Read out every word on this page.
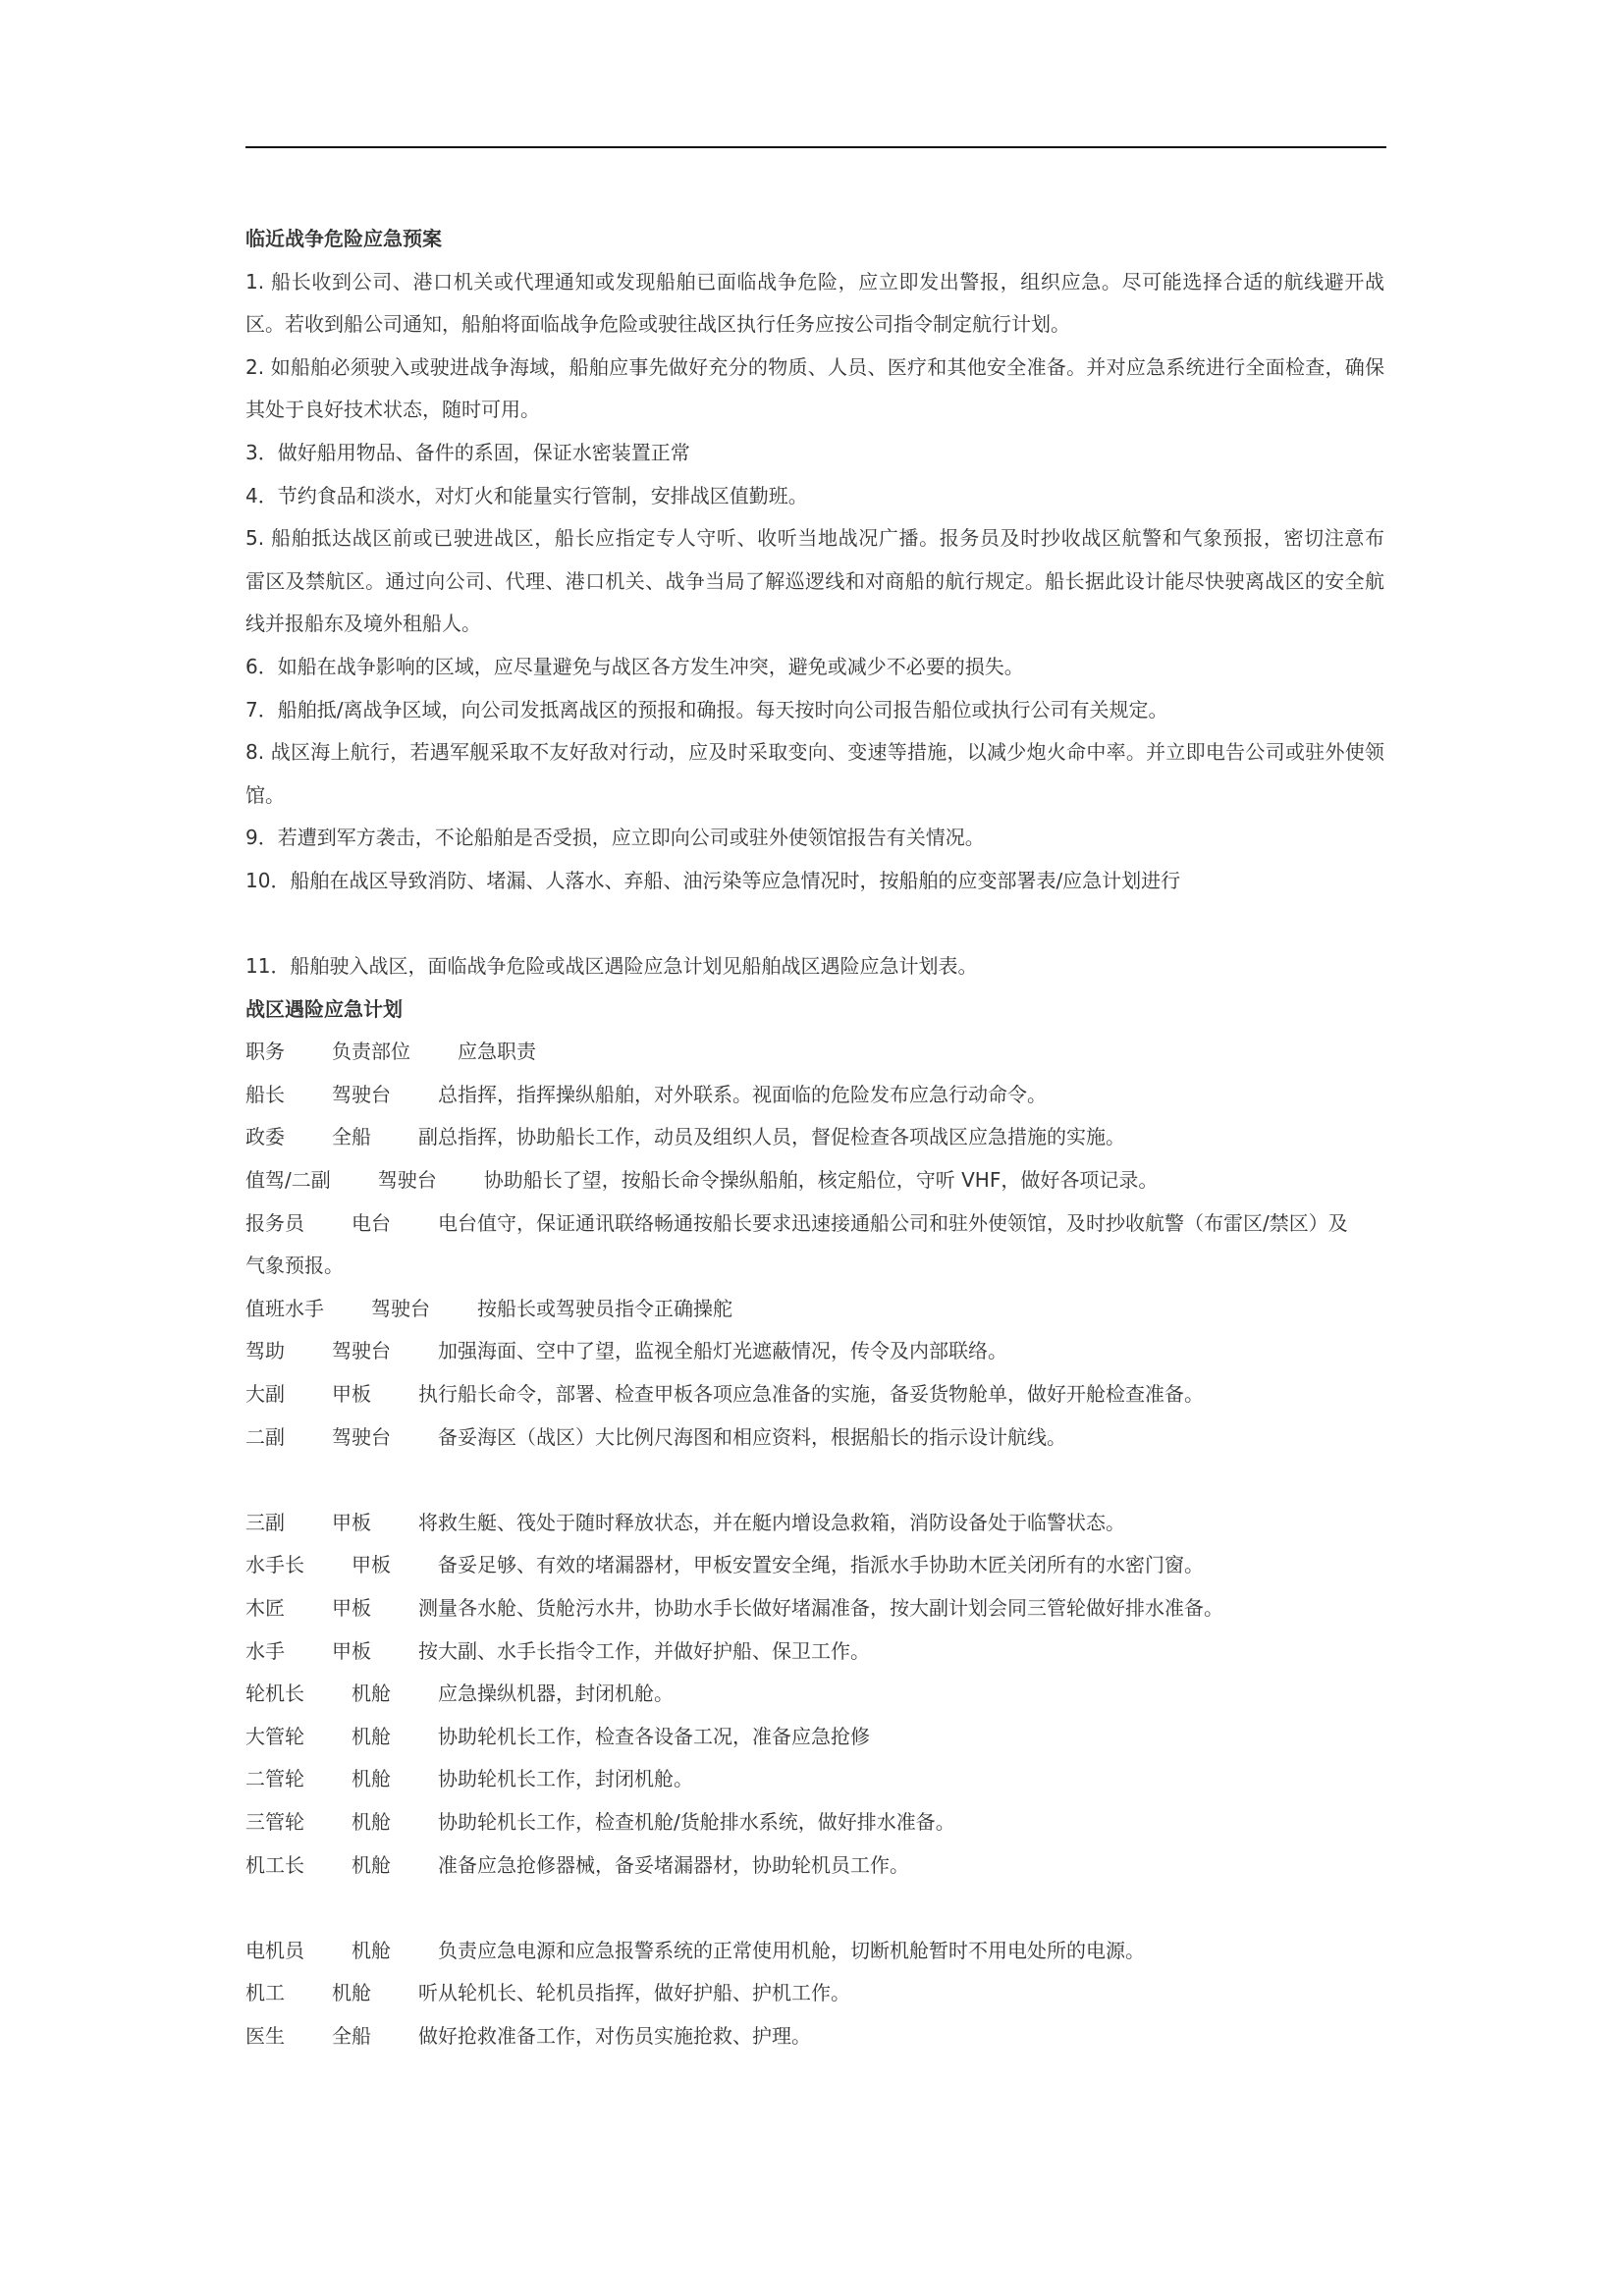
临近战争危险应急预案
1. 船长收到公司、港口机关或代理通知或发现船舶已面临战争危险，应立即发出警报，组织应急。尽可能选择合适的航线避开战
区。若收到船公司通知，船舶将面临战争危险或驶往战区执行任务应按公司指令制定航行计划。
2. 如船舶必须驶入或驶进战争海域，船舶应事先做好充分的物质、人员、医疗和其他安全准备。并对应急系统进行全面检查，确保
其处于良好技术状态，随时可用。
3．做好船用物品、备件的系固，保证水密装置正常
4．节约食品和淡水，对灯火和能量实行管制，安排战区值勤班。
5. 船舶抵达战区前或已驶进战区，船长应指定专人守听、收听当地战况广播。报务员及时抄收战区航警和气象预报，密切注意布
雷区及禁航区。通过向公司、代理、港口机关、战争当局了解巡逻线和对商船的航行规定。船长据此设计能尽快驶离战区的安全航
线并报船东及境外租船人。
6．如船在战争影响的区域，应尽量避免与战区各方发生冲突，避免或减少不必要的损失。
7．船舶抵/离战争区域，向公司发抵离战区的预报和确报。每天按时向公司报告船位或执行公司有关规定。
8. 战区海上航行，若遇军舰采取不友好敌对行动，应及时采取变向、变速等措施，以减少炮火命中率。并立即电告公司或驻外使领
馆。
9．若遭到军方袭击，不论船舶是否受损，应立即向公司或驻外使领馆报告有关情况。
10．船舶在战区导致消防、堵漏、人落水、弃船、油污染等应急情况时，按船舶的应变部署表/应急计划进行
11．船舶驶入战区，面临战争危险或战区遇险应急计划见船舶战区遇险应急计划表。
战区遇险应急计划
职务 负责部位 应急职责
船长 驾驶台 总指挥，指挥操纵船舶，对外联系。视面临的危险发布应急行动命令。
政委 全船 副总指挥，协助船长工作，动员及组织人员，督促检查各项战区应急措施的实施。
值驾/二副 驾驶台 协助船长了望，按船长命令操纵船舶，核定船位，守听 VHF，做好各项记录。
报务员 电台 电台值守，保证通讯联络畅通按船长要求迅速接通船公司和驻外使领馆，及时抄收航警（布雷区/禁区）及
气象预报。
值班水手 驾驶台 按船长或驾驶员指令正确操舵
驾助 驾驶台 加强海面、空中了望，监视全船灯光遮蔽情况，传令及内部联络。
大副 甲板 执行船长命令，部署、检查甲板各项应急准备的实施，备妥货物舱单，做好开舱检查准备。
二副 驾驶台 备妥海区（战区）大比例尺海图和相应资料，根据船长的指示设计航线。
三副 甲板 将救生艇、筏处于随时释放状态，并在艇内增设急救箱，消防设备处于临警状态。
水手长 甲板 备妥足够、有效的堵漏器材，甲板安置安全绳，指派水手协助木匠关闭所有的水密门窗。
木匠 甲板 测量各水舱、货舱污水井，协助水手长做好堵漏准备，按大副计划会同三管轮做好排水准备。
水手 甲板 按大副、水手长指令工作，并做好护船、保卫工作。
轮机长 机舱 应急操纵机器，封闭机舱。
大管轮 机舱 协助轮机长工作，检查各设备工况，准备应急抢修
二管轮 机舱 协助轮机长工作，封闭机舱。
三管轮 机舱 协助轮机长工作，检查机舱/货舱排水系统，做好排水准备。
机工长 机舱 准备应急抢修器械，备妥堵漏器材，协助轮机员工作。
电机员 机舱 负责应急电源和应急报警系统的正常使用机舱，切断机舱暂时不用电处所的电源。
机工 机舱 听从轮机长、轮机员指挥，做好护船、护机工作。
医生 全船 做好抢救准备工作，对伤员实施抢救、护理。
